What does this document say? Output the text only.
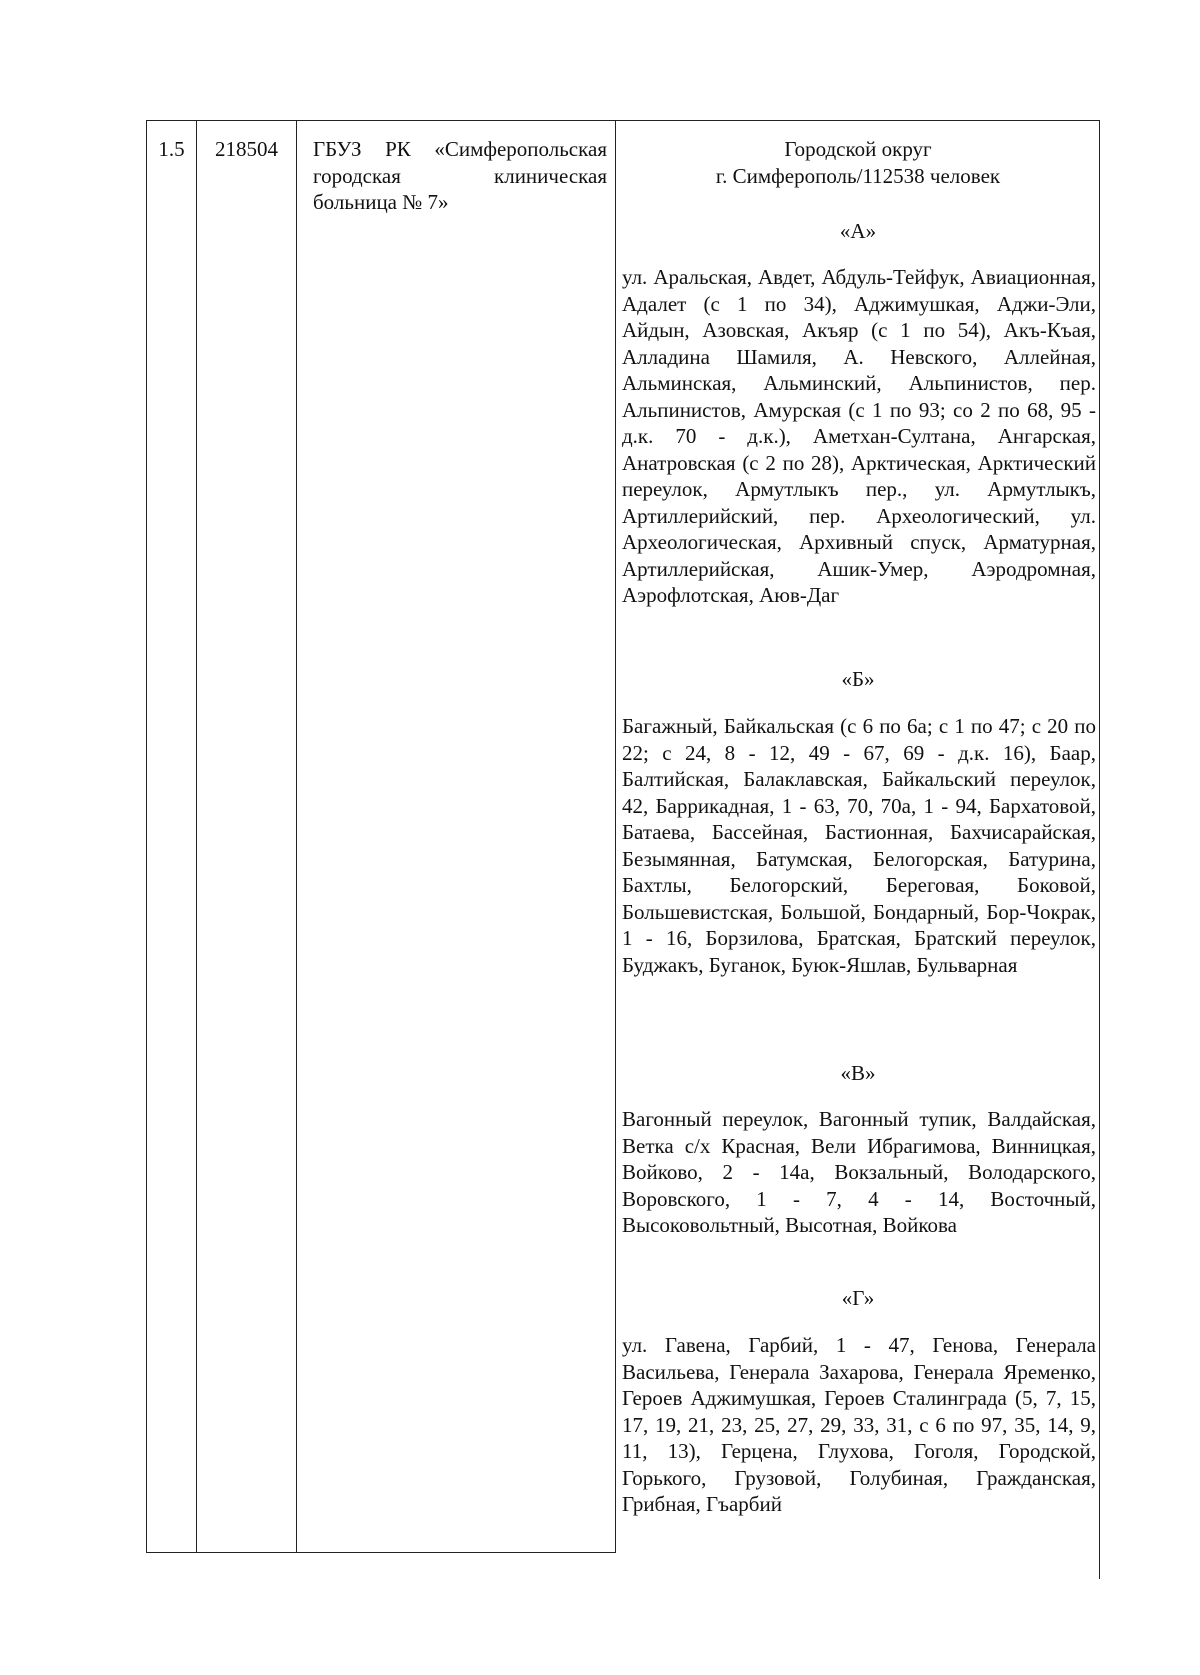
1.5	218504	ГБУЗ РК «Симферопольская городская клиническая больница № 7»
Городской округ
г. Симферополь/112538 человек
«А»

ул. Аральская, Авдет, Абдуль-Тейфук, Авиационная, Адалет (с 1 по 34), Аджимушкая, Аджи-Эли, Айдын, Азовская, Акъяр (с 1 по 54), Акъ-Къая, Алладина Шамиля, А. Невского, Аллейная, Альминская, Альминский, Альпинистов, пер. Альпинистов, Амурская (с 1 по 93; со 2 по 68, 95 - д.к. 70 - д.к.), Аметхан-Султана, Ангарская, Анатровская (с 2 по 28), Арктическая, Арктический переулок, Армутлыкъ пер., ул. Армутлыкъ, Артиллерийский, пер. Археологический, ул. Археологическая, Архивный спуск, Арматурная, Артиллерийская, Ашик-Умер, Аэродромная, Аэрофлотская, Аюв-Даг

«Б»

Багажный, Байкальская (с 6 по 6а; с 1 по 47; с 20 по 22; с 24, 8 - 12, 49 - 67, 69 - д.к. 16), Баар, Балтийская, Балаклавская, Байкальский переулок, 42, Баррикадная, 1 - 63, 70, 70а, 1 - 94, Бархатовой, Батаева, Бассейная, Бастионная, Бахчисарайская, Безымянная, Батумская, Белогорская, Батурина, Бахтлы, Белогорский, Береговая, Боковой, Большевистская, Большой, Бондарный, Бор-Чокрак, 1 - 16, Борзилова, Братская, Братский переулок, Буджакъ, Буганок, Буюк-Яшлав, Бульварная

«В»

Вагонный переулок, Вагонный тупик, Валдайская, Ветка с/х Красная, Вели Ибрагимова, Винницкая, Войково, 2 - 14а, Вокзальный, Володарского, Воровского, 1 - 7, 4 - 14, Восточный, Высоковольтный, Высотная, Войкова

«Г»

ул. Гавена, Гарбий, 1 - 47, Генова, Генерала Васильева, Генерала Захарова, Генерала Яременко, Героев Аджимушкая, Героев Сталинграда (5, 7, 15, 17, 19, 21, 23, 25, 27, 29, 33, 31, с 6 по 97, 35, 14, 9, 11, 13), Герцена, Глухова, Гоголя, Городской, Горького, Грузовой, Голубиная, Гражданская, Грибная, Гъарбий
